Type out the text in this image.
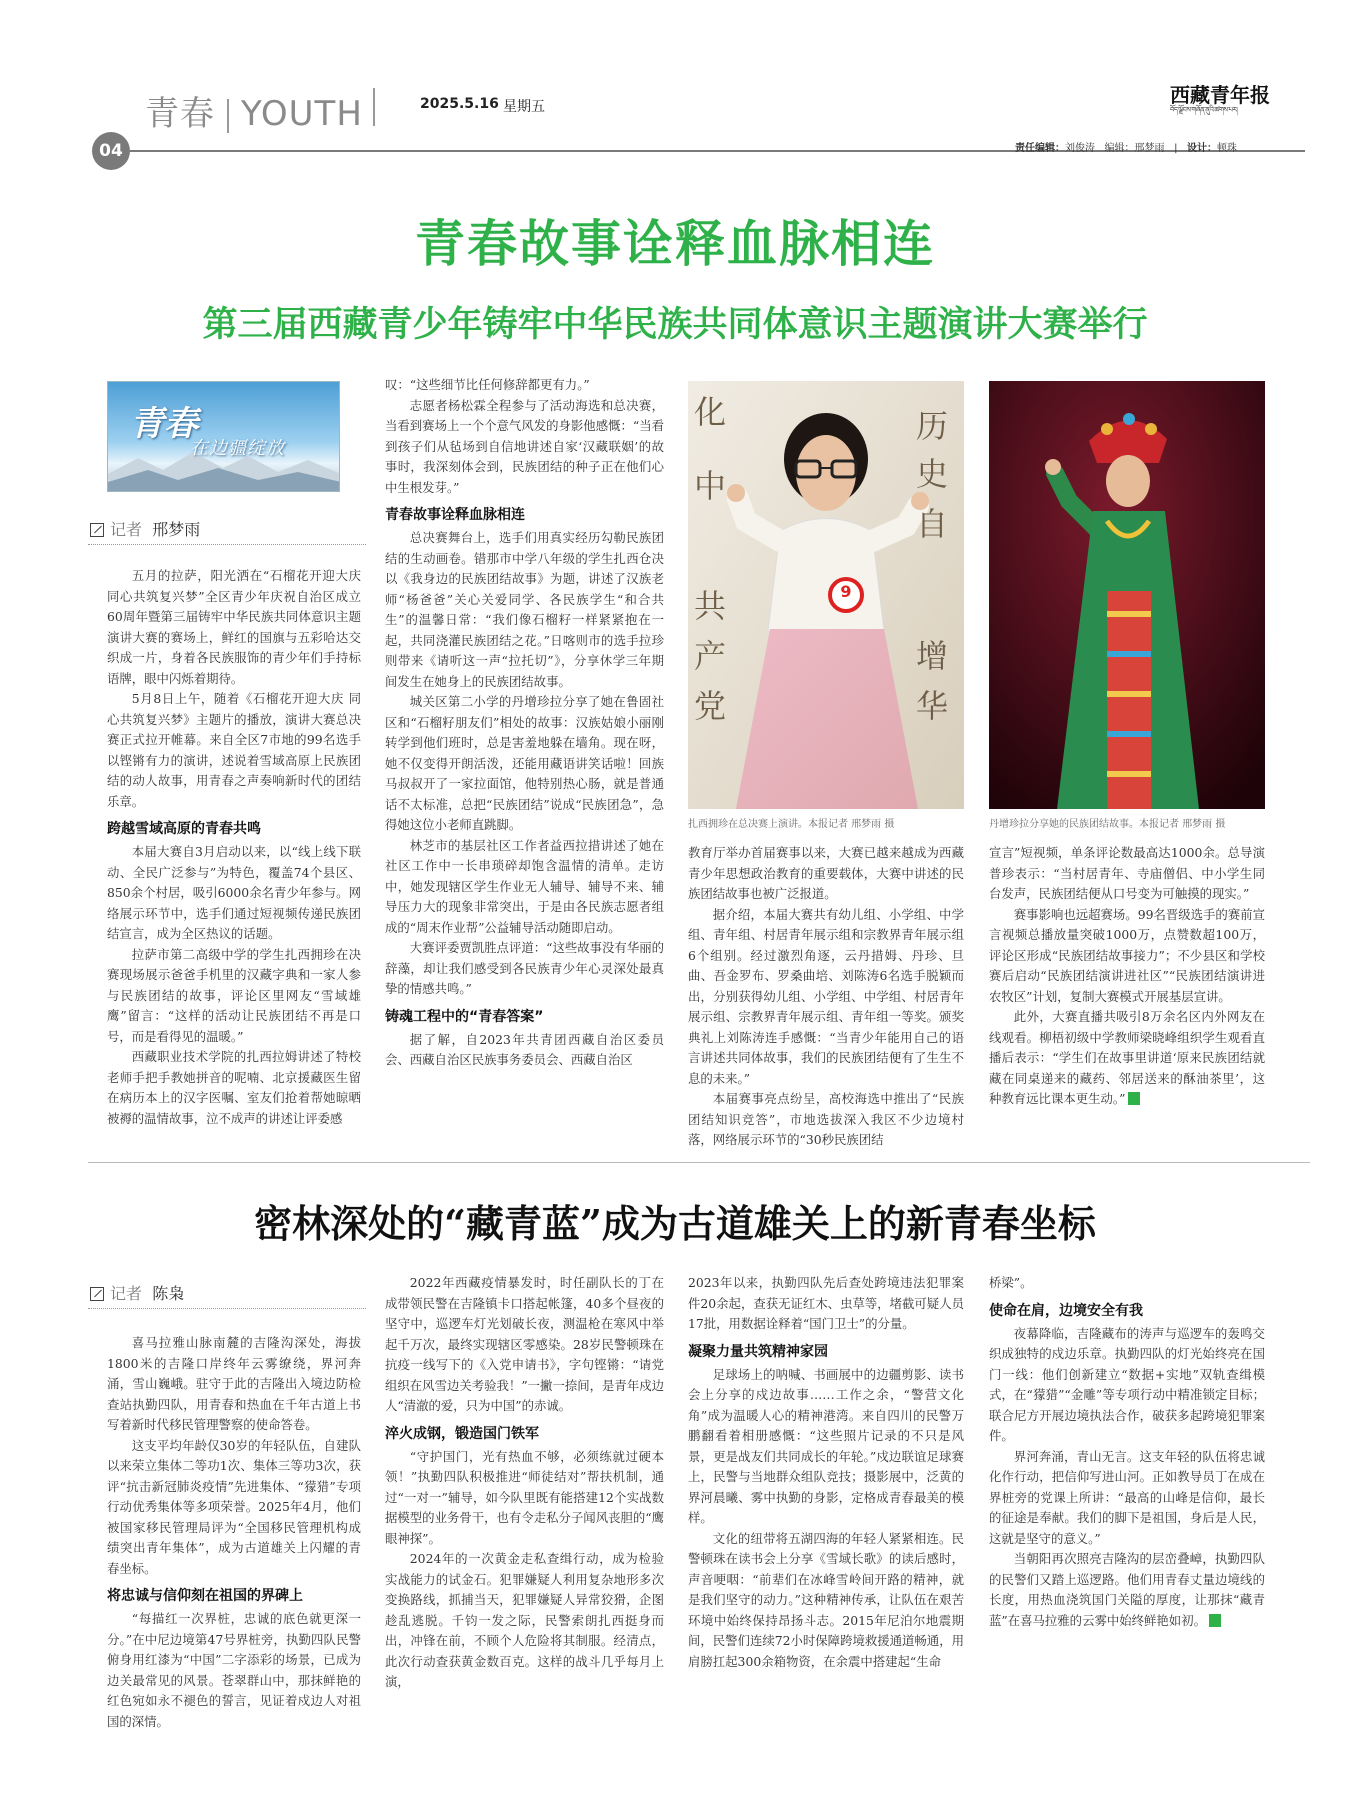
青春 YOUTH
04
2025.5.16 星期五	西藏青年报
བོད་ལྗོངས་གཞོན་ནུའི་ཚགས་པར།
责任编辑：刘俊涛 编辑：邢梦雨   |   设计：顿珠
青春故事诠释血脉相连
第三届西藏青少年铸牢中华民族共同体意识主题演讲大赛举行
青春
在边疆绽放
记者 邢梦雨

五月的拉萨，阳光洒在“石榴花开迎大庆 同心共筑复兴梦”全区青少年庆祝自治区成立60周年暨第三届铸牢中华民族共同体意识主题演讲大赛的赛场上，鲜红的国旗与五彩哈达交织成一片，身着各民族服饰的青少年们手持标语牌，眼中闪烁着期待。

5月8日上午，随着《石榴花开迎大庆 同心共筑复兴梦》主题片的播放，演讲大赛总决赛正式拉开帷幕。来自全区7市地的99名选手以铿锵有力的演讲，述说着雪域高原上民族团结的动人故事，用青春之声奏响新时代的团结乐章。

跨越雪域高原的青春共鸣

本届大赛自3月启动以来，以“线上线下联动、全民广泛参与”为特色，覆盖74个县区、850余个村居，吸引6000余名青少年参与。网络展示环节中，选手们通过短视频传递民族团结宣言，成为全区热议的话题。

拉萨市第二高级中学的学生扎西拥珍在决赛现场展示爸爸手机里的汉藏字典和一家人参与民族团结的故事，评论区里网友“雪域雄鹰”留言：“这样的活动让民族团结不再是口号，而是看得见的温暖。”

西藏职业技术学院的扎西拉姆讲述了特校老师手把手教她拼音的呢喃、北京援藏医生留在病历本上的汉字医嘱、室友们抢着帮她晾晒被褥的温情故事，泣不成声的讲述让评委感

叹：“这些细节比任何修辞都更有力。”

志愿者杨松霖全程参与了活动海选和总决赛，当看到赛场上一个个意气风发的身影他感慨：“当看到孩子们从毡场到自信地讲述自家‘汉藏联姻’的故事时，我深刻体会到，民族团结的种子正在他们心中生根发芽。”

青春故事诠释血脉相连

总决赛舞台上，选手们用真实经历勾勒民族团结的生动画卷。错那市中学八年级的学生扎西仓决以《我身边的民族团结故事》为题，讲述了汉族老师“杨爸爸”关心关爱同学、各民族学生“和合共生”的温馨日常：“我们像石榴籽一样紧紧抱在一起，共同浇灌民族团结之花。”日喀则市的选手拉珍则带来《请听这一声“拉托切”》，分享休学三年期间发生在她身上的民族团结故事。

城关区第二小学的丹增珍拉分享了她在鲁固社区和“石榴籽朋友们”相处的故事：汉族姑娘小丽刚转学到他们班时，总是害羞地躲在墙角。现在呀，她不仅变得开朗活泼，还能用藏语讲笑话啦！回族马叔叔开了一家拉面馆，他特别热心肠，就是普通话不太标准，总把“民族团结”说成“民族团急”，急得她这位小老师直跳脚。

林芝市的基层社区工作者益西拉措讲述了她在社区工作中一长串琐碎却饱含温情的清单。走访中，她发现辖区学生作业无人辅导、辅导不来、辅导压力大的现象非常突出，于是由各民族志愿者组成的“周末作业帮”公益辅导活动随即启动。

大赛评委贾凯胜点评道：“这些故事没有华丽的辞藻，却让我们感受到各民族青少年心灵深处最真挚的情感共鸣。”

铸魂工程中的“青春答案”

据了解，自2023年共青团西藏自治区委员会、西藏自治区民族事务委员会、西藏自治区

化	历
史
自
中
共
产
党
增
华
9
扎西拥珍在总决赛上演讲。本报记者 邢梦雨 摄	丹增珍拉分享她的民族团结故事。本报记者 邢梦雨 摄

教育厅举办首届赛事以来，大赛已越来越成为西藏青少年思想政治教育的重要载体，大赛中讲述的民族团结故事也被广泛报道。

据介绍，本届大赛共有幼儿组、小学组、中学组、青年组、村居青年展示组和宗教界青年展示组6个组别。经过激烈角逐，云丹措姆、丹珍、旦曲、吾金罗布、罗桑曲培、刘陈涛6名选手脱颖而出，分别获得幼儿组、小学组、中学组、村居青年展示组、宗教界青年展示组、青年组一等奖。颁奖典礼上刘陈涛连手感慨：“当青少年能用自己的语言讲述共同体故事，我们的民族团结便有了生生不息的未来。”

本届赛事亮点纷呈，高校海选中推出了“民族团结知识竞答”，市地选拔深入我区不少边境村落，网络展示环节的“30秒民族团结

宣言”短视频，单条评论数最高达1000余。总导演普珍表示：“当村居青年、寺庙僧侣、中小学生同台发声，民族团结便从口号变为可触摸的现实。”

赛事影响也远超赛场。99名晋级选手的赛前宣言视频总播放量突破1000万，点赞数超100万，评论区形成“民族团结故事接力”；不少县区和学校赛后启动“民族团结演讲进社区”“民族团结演讲进农牧区”计划，复制大赛模式开展基层宣讲。

此外，大赛直播共吸引8万余名区内外网友在线观看。柳梧初级中学教师梁晓峰组织学生观看直播后表示：“学生们在故事里讲道‘原来民族团结就藏在同桌递来的藏药、邻居送来的酥油茶里’，这种教育远比课本更生动。”

密林深处的“藏青蓝”成为古道雄关上的新青春坐标
记者 陈枭

喜马拉雅山脉南麓的吉隆沟深处，海拔1800米的吉隆口岸终年云雾缭绕，界河奔涌，雪山巍峨。驻守于此的吉隆出入境边防检查站执勤四队，用青春和热血在千年古道上书写着新时代移民管理警察的使命答卷。

这支平均年龄仅30岁的年轻队伍，自建队以来荣立集体二等功1次、集体三等功3次，获评“抗击新冠肺炎疫情”先进集体、“獴猎”专项行动优秀集体等多项荣誉。2025年4月，他们被国家移民管理局评为“全国移民管理机构成绩突出青年集体”，成为古道雄关上闪耀的青春坐标。

将忠诚与信仰刻在祖国的界碑上

“每描红一次界桩，忠诚的底色就更深一分。”在中尼边境第47号界桩旁，执勤四队民警俯身用红漆为“中国”二字添彩的场景，已成为边关最常见的风景。苍翠群山中，那抹鲜艳的红色宛如永不褪色的誓言，见证着戍边人对祖国的深情。

2022年西藏疫情暴发时，时任副队长的丁在成带领民警在吉隆镇卡口搭起帐篷，40多个昼夜的坚守中，巡逻车灯光划破长夜，测温枪在寒风中举起千万次，最终实现辖区零感染。28岁民警顿珠在抗疫一线写下的《入党申请书》，字句铿锵：“请党组织在风雪边关考验我！”一撇一捺间，是青年戍边人“清澈的爱，只为中国”的赤诚。

淬火成钢，锻造国门铁军

“守护国门，光有热血不够，必须练就过硬本领！”执勤四队积极推进“师徒结对”帮扶机制，通过“一对一”辅导，如今队里既有能搭建12个实战数据模型的业务骨干，也有令走私分子闻风丧胆的“鹰眼神探”。

2024年的一次黄金走私查缉行动，成为检验实战能力的试金石。犯罪嫌疑人利用复杂地形多次变换路线，抓捕当天，犯罪嫌疑人异常狡猾，企图趁乱逃脱。千钧一发之际，民警索朗扎西挺身而出，冲锋在前，不顾个人危险将其制服。经清点，此次行动查获黄金数百克。这样的战斗几乎每月上演，

2023年以来，执勤四队先后查处跨境违法犯罪案件20余起，查获无证红木、虫草等，堵截可疑人员17批，用数据诠释着“国门卫士”的分量。

凝聚力量共筑精神家园

足球场上的呐喊、书画展中的边疆剪影、读书会上分享的戍边故事……工作之余，“警营文化角”成为温暖人心的精神港湾。来自四川的民警万鹏翻看着相册感慨：“这些照片记录的不只是风景，更是战友们共同成长的年轮。”戍边联谊足球赛上，民警与当地群众组队竞技；摄影展中，泛黄的界河晨曦、雾中执勤的身影，定格成青春最美的模样。

文化的纽带将五湖四海的年轻人紧紧相连。民警顿珠在读书会上分享《雪域长歌》的读后感时，声音哽咽：“前辈们在冰峰雪岭间开路的精神，就是我们坚守的动力。”这种精神传承，让队伍在艰苦环境中始终保持昂扬斗志。2015年尼泊尔地震期间，民警们连续72小时保障跨境救援通道畅通，用肩膀扛起300余箱物资，在余震中搭建起“生命

桥梁”。

使命在肩，边境安全有我

夜幕降临，吉隆藏布的涛声与巡逻车的轰鸣交织成独特的戍边乐章。执勤四队的灯光始终亮在国门一线：他们创新建立“数据+实地”双轨查缉模式，在“獴猎”“金雕”等专项行动中精准锁定目标；联合尼方开展边境执法合作，破获多起跨境犯罪案件。

界河奔涌，青山无言。这支年轻的队伍将忠诚化作行动，把信仰写进山河。正如教导员丁在成在界桩旁的党课上所讲：“最高的山峰是信仰，最长的征途是奉献。我们的脚下是祖国，身后是人民，这就是坚守的意义。”

当朝阳再次照亮吉隆沟的层峦叠嶂，执勤四队的民警们又踏上巡逻路。他们用青春丈量边境线的长度，用热血浇筑国门关隘的厚度，让那抹“藏青蓝”在喜马拉雅的云雾中始终鲜艳如初。
